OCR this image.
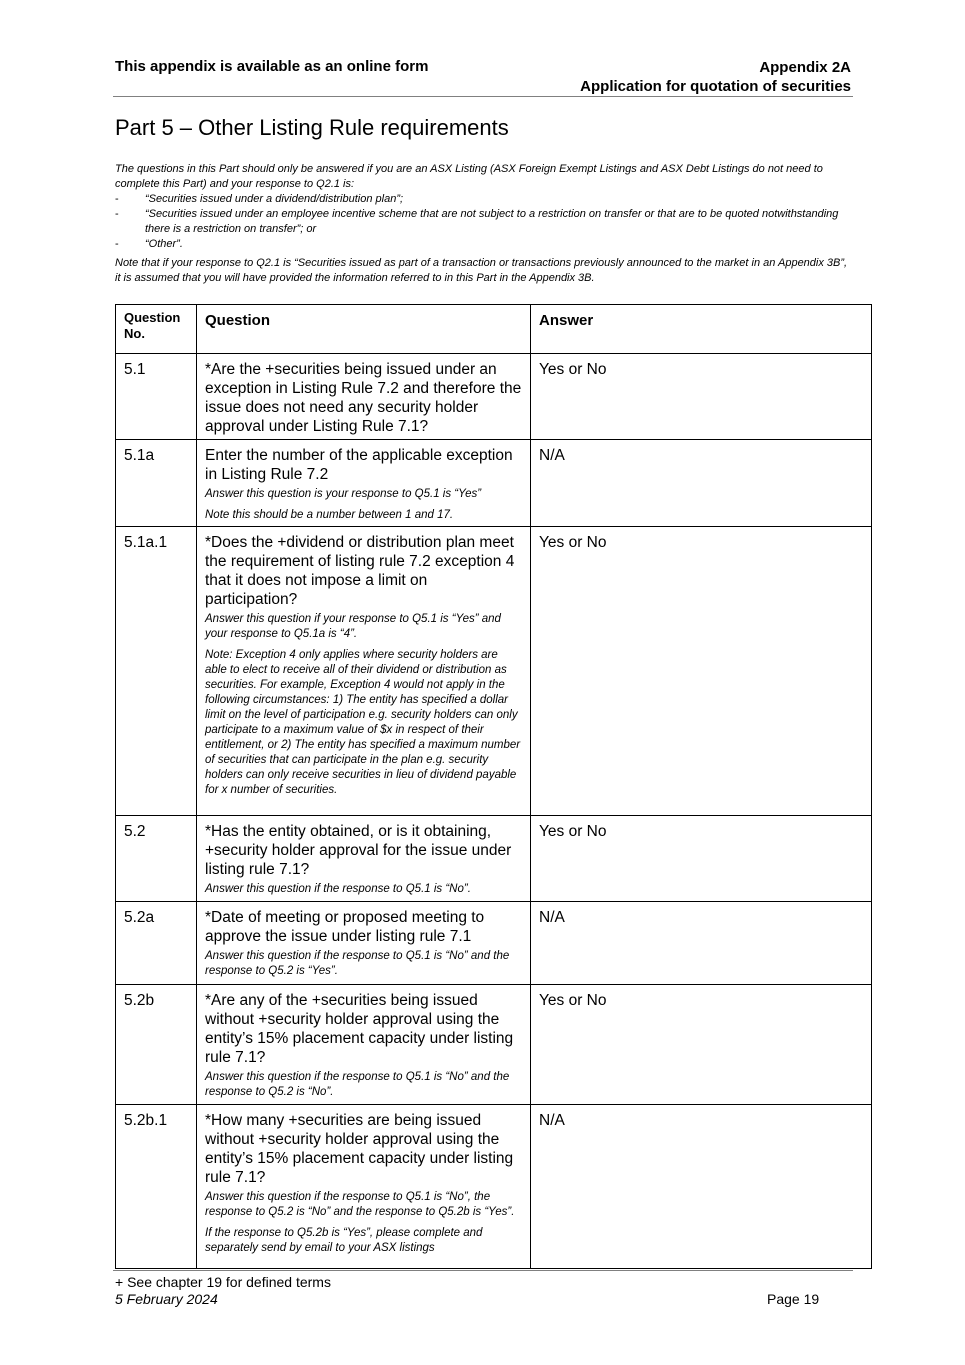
This appendix is available as an online form	Appendix 2A
Application for quotation of securities
Part 5 – Other Listing Rule requirements

The questions in this Part should only be answered if you are an ASX Listing (ASX Foreign Exempt Listings and ASX Debt Listings do not need to complete this Part) and your response to Q2.1 is:

- “Securities issued under a dividend/distribution plan”;
- “Securities issued under an employee incentive scheme that are not subject to a restriction on transfer or that are to be quoted notwithstanding there is a restriction on transfer”; or
- “Other”.

Note that if your response to Q2.1 is “Securities issued as part of a transaction or transactions previously announced to the market in an Appendix 3B”, it is assumed that you will have provided the information referred to in this Part in the Appendix 3B.

Question No.	Question	Answer
5.1	*Are the +securities being issued under an exception in Listing Rule 7.2 and therefore the issue does not need any security holder approval under Listing Rule 7.1?	Yes or No
5.1a	Enter the number of the applicable exception in Listing Rule 7.2
Answer this question is your response to Q5.1 is “Yes”
Note this should be a number between 1 and 17.	N/A
5.1a.1	*Does the +dividend or distribution plan meet the requirement of listing rule 7.2 exception 4 that it does not impose a limit on participation?
Answer this question if your response to Q5.1 is “Yes” and your response to Q5.1a is “4”.
Note: Exception 4 only applies where security holders are able to elect to receive all of their dividend or distribution as securities. For example, Exception 4 would not apply in the following circumstances: 1) The entity has specified a dollar limit on the level of participation e.g. security holders can only participate to a maximum value of $x in respect of their entitlement, or 2) The entity has specified a maximum number of securities that can participate in the plan e.g. security holders can only receive securities in lieu of dividend payable for x number of securities.	Yes or No
5.2	*Has the entity obtained, or is it obtaining, +security holder approval for the issue under listing rule 7.1?
Answer this question if the response to Q5.1 is “No”.	Yes or No
5.2a	*Date of meeting or proposed meeting to approve the issue under listing rule 7.1
Answer this question if the response to Q5.1 is “No” and the response to Q5.2 is “Yes”.	N/A
5.2b	*Are any of the +securities being issued without +security holder approval using the entity’s 15% placement capacity under listing rule 7.1?
Answer this question if the response to Q5.1 is “No” and the response to Q5.2 is “No”.	Yes or No
5.2b.1	*How many +securities are being issued without +security holder approval using the entity’s 15% placement capacity under listing rule 7.1?
Answer this question if the response to Q5.1 is “No”, the response to Q5.2 is “No” and the response to Q5.2b is “Yes”.
If the response to Q5.2b is “Yes”, please complete and separately send by email to your ASX listings	N/A
+ See chapter 19 for defined terms
5 February 2024	Page 19
